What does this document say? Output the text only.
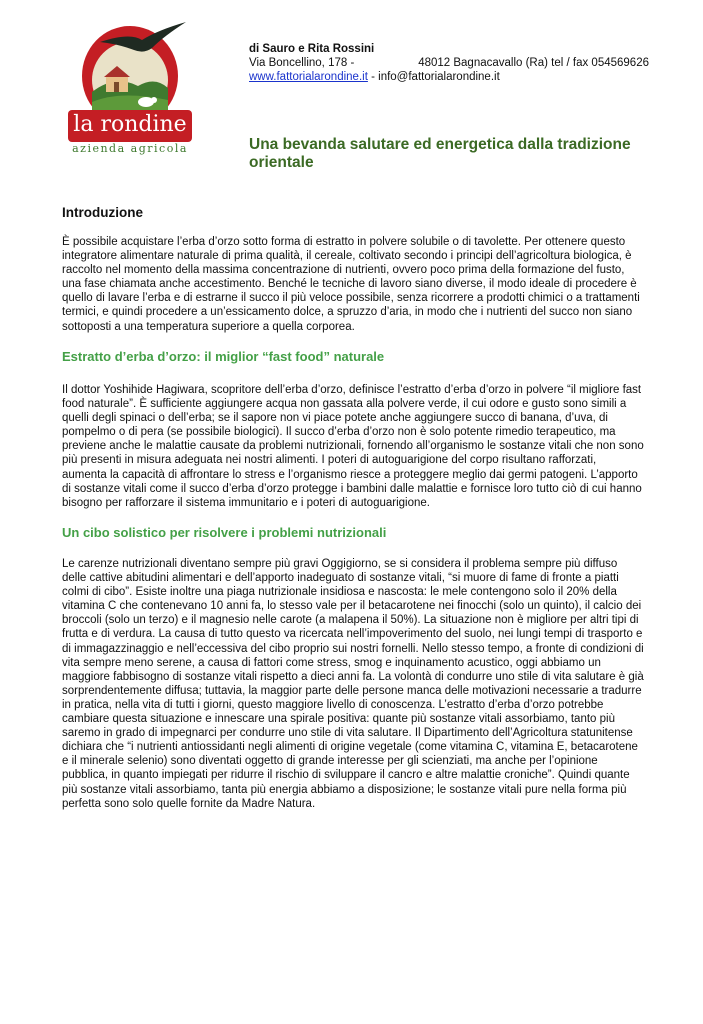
la rondine
azienda agricola
di Sauro e Rita Rossini
Via Boncellino, 178 -	48012 Bagnacavallo (Ra) tel / fax 054569626
www.fattorialarondine.it - info@fattorialarondine.it
Una bevanda salutare ed energetica dalla tradizione orientale
Introduzione
È possibile acquistare l’erba d’orzo sotto forma di estratto in polvere solubile o di tavolette. Per ottenere questo integratore alimentare naturale di prima qualità, il cereale, coltivato secondo i principi dell’agricoltura biologica, è raccolto nel momento della massima concentrazione di nutrienti, ovvero poco prima della formazione del fusto, una fase chiamata anche accestimento. Benché le tecniche di lavoro siano diverse, il modo ideale di procedere è quello di lavare l’erba e di estrarne il succo il più veloce possibile, senza ricorrere a prodotti chimici o a trattamenti termici, e quindi procedere a un’essicamento dolce, a spruzzo d’aria, in modo che i nutrienti del succo non siano sottoposti a una temperatura superiore a quella corporea.
Estratto d’erba d’orzo: il miglior “fast food” naturale
Il dottor Yoshihide Hagiwara, scopritore dell’erba d’orzo, definisce l’estratto d’erba d’orzo in polvere “il migliore fast food naturale”. È sufficiente aggiungere acqua non gassata alla polvere verde, il cui odore e gusto sono simili a quelli degli spinaci o dell’erba; se il sapore non vi piace potete anche aggiungere succo di banana, d’uva, di pompelmo o di pera (se possibile biologici). Il succo d’erba d’orzo non è solo potente rimedio terapeutico, ma previene anche le malattie causate da problemi nutrizionali, fornendo all’organismo le sostanze vitali che non sono più presenti in misura adeguata nei nostri alimenti. I poteri di autoguarigione del corpo risultano rafforzati, aumenta la capacità di affrontare lo stress e l’organismo riesce a proteggere meglio dai germi patogeni. L’apporto di sostanze vitali come il succo d’erba d’orzo protegge i bambini dalle malattie e fornisce loro tutto ciò di cui hanno bisogno per rafforzare il sistema immunitario e i poteri di autoguarigione.
Un cibo solistico per risolvere i problemi nutrizionali
Le carenze nutrizionali diventano sempre più gravi Oggigiorno, se si considera il problema sempre più diffuso delle cattive abitudini alimentari e dell’apporto inadeguato di sostanze vitali, “si muore di fame di fronte a piatti colmi di cibo”. Esiste inoltre una piaga nutrizionale insidiosa e nascosta: le mele contengono solo il 20% della vitamina C che contenevano 10 anni fa, lo stesso vale per il betacarotene nei finocchi (solo un quinto), il calcio dei broccoli (solo un terzo) e il magnesio nelle carote (a malapena il 50%). La situazione non è migliore per altri tipi di frutta e di verdura. La causa di tutto questo va ricercata nell’impoverimento del suolo, nei lungi tempi di trasporto e di immagazzinaggio e nell’eccessiva del cibo proprio sui nostri fornelli. Nello stesso tempo, a fronte di condizioni di vita sempre meno serene, a causa di fattori come stress, smog e inquinamento acustico, oggi abbiamo un maggiore fabbisogno di sostanze vitali rispetto a dieci anni fa. La volontà di condurre uno stile di vita salutare è già sorprendentemente diffusa; tuttavia, la maggior parte delle persone manca delle motivazioni necessarie a tradurre in pratica, nella vita di tutti i giorni, questo maggiore livello di conoscenza. L’estratto d’erba d’orzo potrebbe cambiare questa situazione e innescare una spirale positiva: quante più sostanze vitali assorbiamo, tanto più saremo in grado di impegnarci per condurre uno stile di vita salutare. Il Dipartimento dell’Agricoltura statunitense dichiara che “i nutrienti antiossidanti negli alimenti di origine vegetale (come vitamina C, vitamina E, betacarotene e il minerale selenio) sono diventati oggetto di grande interesse per gli scienziati, ma anche per l’opinione pubblica, in quanto impiegati per ridurre il rischio di sviluppare il cancro e altre malattie croniche”. Quindi quante più sostanze vitali assorbiamo, tanta più energia abbiamo a disposizione; le sostanze vitali pure nella forma più perfetta sono solo quelle fornite da Madre Natura.
